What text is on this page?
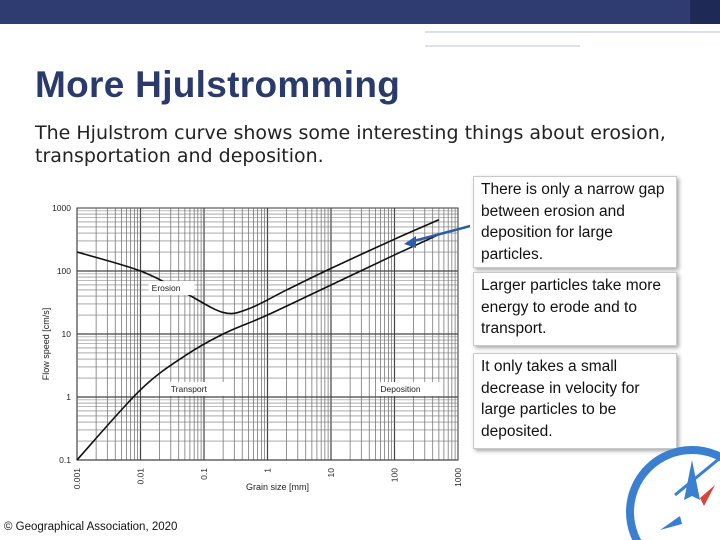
More Hjulstromming

The Hjulstrom curve shows some interesting things about erosion, transportation and deposition.

1000
100
10
1
0.1
0.001	0.01	0.1	1	10	100	1000
Grain size [mm]
Flow speed [cm/s]
Erosion
Transport	Deposition
There is only a narrow gap between erosion and deposition for large particles.
Larger particles take more energy to erode and to transport.
It only takes a small decrease in velocity for large particles to be deposited.
© Geographical Association, 2020
